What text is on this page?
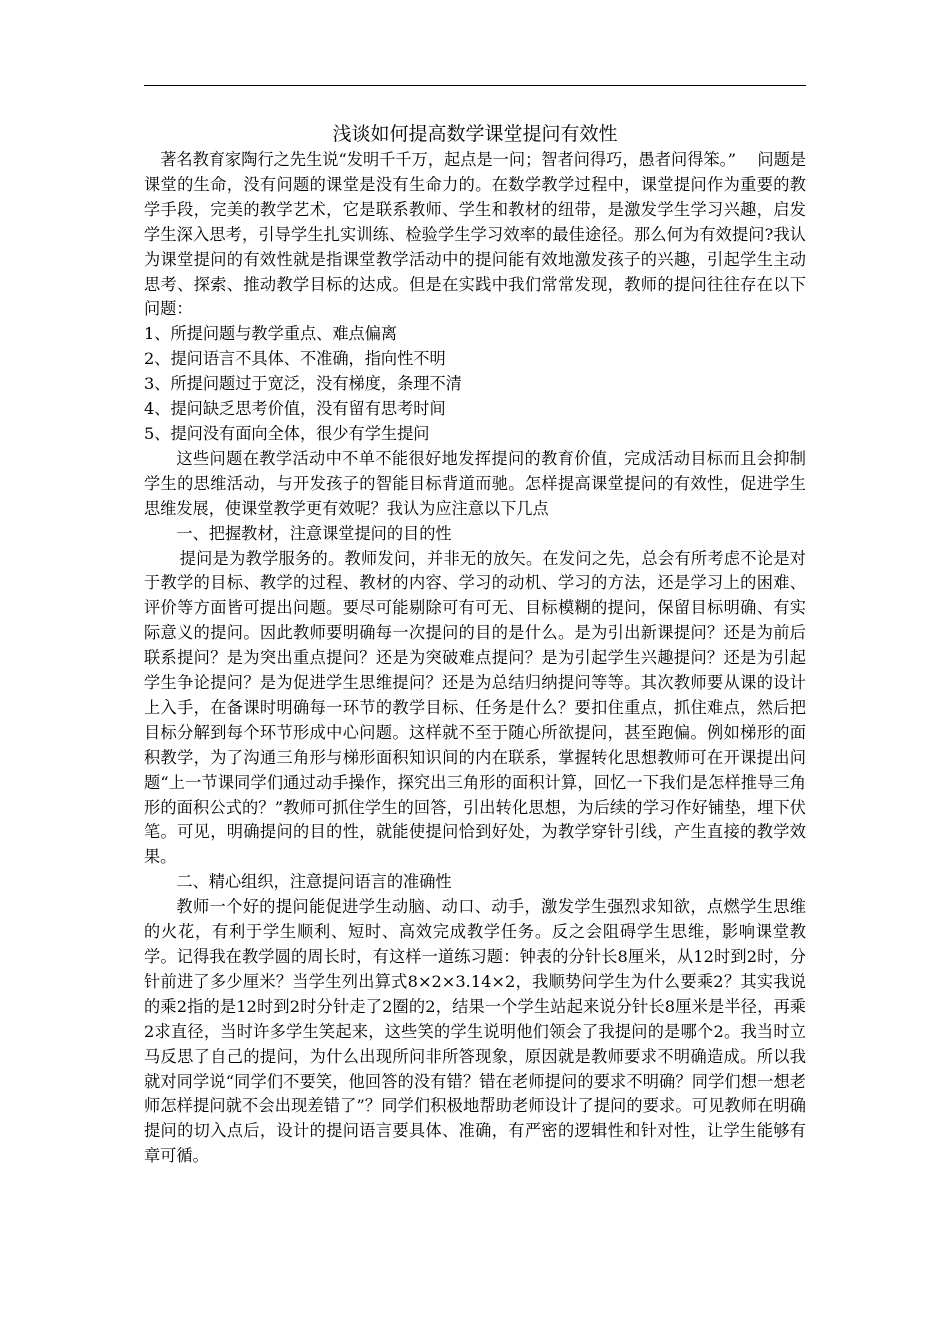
浅谈如何提高数学课堂提问有效性

著名教育家陶行之先生说“发明千千万，起点是一问；智者问得巧，愚者问得笨。”　 问题是课堂的生命，没有问题的课堂是没有生命力的。在数学教学过程中，课堂提问作为重要的教学手段，完美的教学艺术，它是联系教师、学生和教材的纽带，是激发学生学习兴趣，启发学生深入思考，引导学生扎实训练、检验学生学习效率的最佳途径。那么何为有效提问?我认为课堂提问的有效性就是指课堂教学活动中的提问能有效地激发孩子的兴趣，引起学生主动思考、探索、推动教学目标的达成。但是在实践中我们常常发现，教师的提问往往存在以下问题：

1、所提问题与教学重点、难点偏离
2、提问语言不具体、不准确，指向性不明
3、所提问题过于宽泛，没有梯度，条理不清
4、提问缺乏思考价值，没有留有思考时间
5、提问没有面向全体，很少有学生提问

这些问题在教学活动中不单不能很好地发挥提问的教育价值，完成活动目标而且会抑制学生的思维活动，与开发孩子的智能目标背道而驰。怎样提高课堂提问的有效性，促进学生思维发展，使课堂教学更有效呢？我认为应注意以下几点

一、把握教材，注意课堂提问的目的性

提问是为教学服务的。教师发问，并非无的放矢。在发问之先，总会有所考虑不论是对于教学的目标、教学的过程、教材的内容、学习的动机、学习的方法，还是学习上的困难、评价等方面皆可提出问题。要尽可能剔除可有可无、目标模糊的提问，保留目标明确、有实际意义的提问。因此教师要明确每一次提问的目的是什么。是为引出新课提问？还是为前后联系提问？是为突出重点提问？还是为突破难点提问？是为引起学生兴趣提问？还是为引起学生争论提问？是为促进学生思维提问？还是为总结归纳提问等等。其次教师要从课的设计上入手，在备课时明确每一环节的教学目标、任务是什么？要扣住重点，抓住难点，然后把目标分解到每个环节形成中心问题。这样就不至于随心所欲提问，甚至跑偏。例如梯形的面积教学，为了沟通三角形与梯形面积知识间的内在联系，掌握转化思想教师可在开课提出问题“上一节课同学们通过动手操作，探究出三角形的面积计算，回忆一下我们是怎样推导三角形的面积公式的？”教师可抓住学生的回答，引出转化思想，为后续的学习作好铺垫，埋下伏笔。可见，明确提问的目的性，就能使提问恰到好处，为教学穿针引线，产生直接的教学效果。

二、精心组织，注意提问语言的准确性

教师一个好的提问能促进学生动脑、动口、动手，激发学生强烈求知欲，点燃学生思维的火花，有利于学生顺利、短时、高效完成教学任务。反之会阻碍学生思维，影响课堂教学。记得我在教学圆的周长时，有这样一道练习题：钟表的分针长8厘米，从12时到2时，分针前进了多少厘米？当学生列出算式8×2×3.14×2，我顺势问学生为什么要乘2？其实我说的乘2指的是12时到2时分针走了2圈的2，结果一个学生站起来说分针长8厘米是半径，再乘2求直径，当时许多学生笑起来，这些笑的学生说明他们领会了我提问的是哪个2。我当时立马反思了自己的提问，为什么出现所问非所答现象，原因就是教师要求不明确造成。所以我就对同学说“同学们不要笑，他回答的没有错？错在老师提问的要求不明确？同学们想一想老师怎样提问就不会出现差错了”？同学们积极地帮助老师设计了提问的要求。可见教师在明确提问的切入点后，设计的提问语言要具体、准确，有严密的逻辑性和针对性，让学生能够有章可循。
